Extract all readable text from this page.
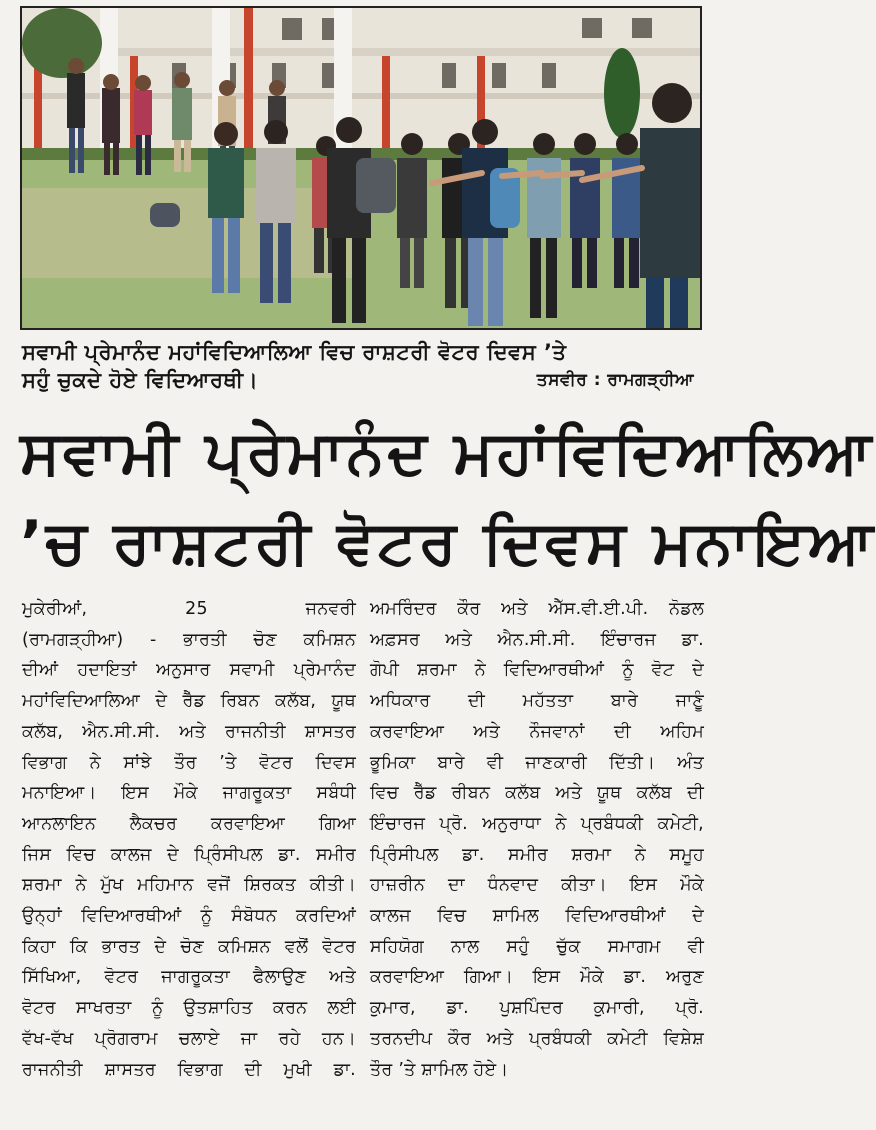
ਸਵਾਮੀ ਪ੍ਰੇਮਾਨੰਦ ਮਹਾਂਵਿਦਿਆਲਿਆ ਵਿਚ ਰਾਸ਼ਟਰੀ ਵੋਟਰ ਦਿਵਸ ’ਤੇ
ਸਹੁੰ ਚੁਕਦੇ ਹੋਏ ਵਿਦਿਆਰਥੀ।	ਤਸਵੀਰ : ਰਾਮਗੜ੍ਹੀਆ
ਸਵਾਮੀ ਪ੍ਰੇਮਾਨੰਦ ਮਹਾਂਵਿਦਿਆਲਿਆ
’ਚ ਰਾਸ਼ਟਰੀ ਵੋਟਰ ਦਿਵਸ ਮਨਾਇਆ

ਮੁਕੇਰੀਆਂ, 25 ਜਨਵਰੀ

(ਰਾਮਗੜ੍ਹੀਆ) - ਭਾਰਤੀ ਚੋਣ ਕਮਿਸ਼ਨ

ਦੀਆਂ ਹਦਾਇਤਾਂ ਅਨੁਸਾਰ ਸਵਾਮੀ ਪ੍ਰੇਮਾਨੰਦ

ਮਹਾਂਵਿਦਿਆਲਿਆ ਦੇ ਰੈੱਡ ਰਿਬਨ ਕਲੱਬ, ਯੂਥ

ਕਲੱਬ, ਐਨ.ਸੀ.ਸੀ. ਅਤੇ ਰਾਜਨੀਤੀ ਸ਼ਾਸਤਰ

ਵਿਭਾਗ ਨੇ ਸਾਂਝੇ ਤੌਰ ’ਤੇ ਵੋਟਰ ਦਿਵਸ

ਮਨਾਇਆ। ਇਸ ਮੌਕੇ ਜਾਗਰੂਕਤਾ ਸਬੰਧੀ

ਆਨਲਾਇਨ ਲੈਕਚਰ ਕਰਵਾਇਆ ਗਿਆ

ਜਿਸ ਵਿਚ ਕਾਲਜ ਦੇ ਪ੍ਰਿੰਸੀਪਲ ਡਾ. ਸਮੀਰ

ਸ਼ਰਮਾ ਨੇ ਮੁੱਖ ਮਹਿਮਾਨ ਵਜੋਂ ਸ਼ਿਰਕਤ ਕੀਤੀ।

ਉਨ੍ਹਾਂ ਵਿਦਿਆਰਥੀਆਂ ਨੂੰ ਸੰਬੋਧਨ ਕਰਦਿਆਂ

ਕਿਹਾ ਕਿ ਭਾਰਤ ਦੇ ਚੋਣ ਕਮਿਸ਼ਨ ਵਲੋਂ ਵੋਟਰ

ਸਿੱਖਿਆ, ਵੋਟਰ ਜਾਗਰੂਕਤਾ ਫੈਲਾਉਣ ਅਤੇ

ਵੋਟਰ ਸਾਖਰਤਾ ਨੂੰ ਉਤਸ਼ਾਹਿਤ ਕਰਨ ਲਈ

ਵੱਖ-ਵੱਖ ਪ੍ਰੋਗਰਾਮ ਚਲਾਏ ਜਾ ਰਹੇ ਹਨ।

ਰਾਜਨੀਤੀ ਸ਼ਾਸਤਰ ਵਿਭਾਗ ਦੀ ਮੁਖੀ ਡਾ.

ਅਮਰਿੰਦਰ ਕੌਰ ਅਤੇ ਐੱਸ.ਵੀ.ਈ.ਪੀ. ਨੋਡਲ

ਅਫ਼ਸਰ ਅਤੇ ਐਨ.ਸੀ.ਸੀ. ਇੰਚਾਰਜ ਡਾ.

ਗੋਪੀ ਸ਼ਰਮਾ ਨੇ ਵਿਦਿਆਰਥੀਆਂ ਨੂੰ ਵੋਟ ਦੇ

ਅਧਿਕਾਰ ਦੀ ਮਹੱਤਤਾ ਬਾਰੇ ਜਾਣੂੰ

ਕਰਵਾਇਆ ਅਤੇ ਨੌਜਵਾਨਾਂ ਦੀ ਅਹਿਮ

ਭੂਮਿਕਾ ਬਾਰੇ ਵੀ ਜਾਣਕਾਰੀ ਦਿੱਤੀ। ਅੰਤ

ਵਿਚ ਰੈੱਡ ਰੀਬਨ ਕਲੱਬ ਅਤੇ ਯੂਥ ਕਲੱਬ ਦੀ

ਇੰਚਾਰਜ ਪ੍ਰੋ. ਅਨੁਰਾਧਾ ਨੇ ਪ੍ਰਬੰਧਕੀ ਕਮੇਟੀ,

ਪ੍ਰਿੰਸੀਪਲ ਡਾ. ਸਮੀਰ ਸ਼ਰਮਾ ਨੇ ਸਮੂਹ

ਹਾਜ਼ਰੀਨ ਦਾ ਧੰਨਵਾਦ ਕੀਤਾ। ਇਸ ਮੌਕੇ

ਕਾਲਜ ਵਿਚ ਸ਼ਾਮਿਲ ਵਿਦਿਆਰਥੀਆਂ ਦੇ

ਸਹਿਯੋਗ ਨਾਲ ਸਹੁੰ ਚੁੱਕ ਸਮਾਗਮ ਵੀ

ਕਰਵਾਇਆ ਗਿਆ। ਇਸ ਮੌਕੇ ਡਾ. ਅਰੁਣ

ਕੁਮਾਰ, ਡਾ. ਪੁਸ਼ਪਿੰਦਰ ਕੁਮਾਰੀ, ਪ੍ਰੋ.

ਤਰਨਦੀਪ ਕੌਰ ਅਤੇ ਪ੍ਰਬੰਧਕੀ ਕਮੇਟੀ ਵਿਸ਼ੇਸ਼

ਤੌਰ ’ਤੇ ਸ਼ਾਮਿਲ ਹੋਏ।
